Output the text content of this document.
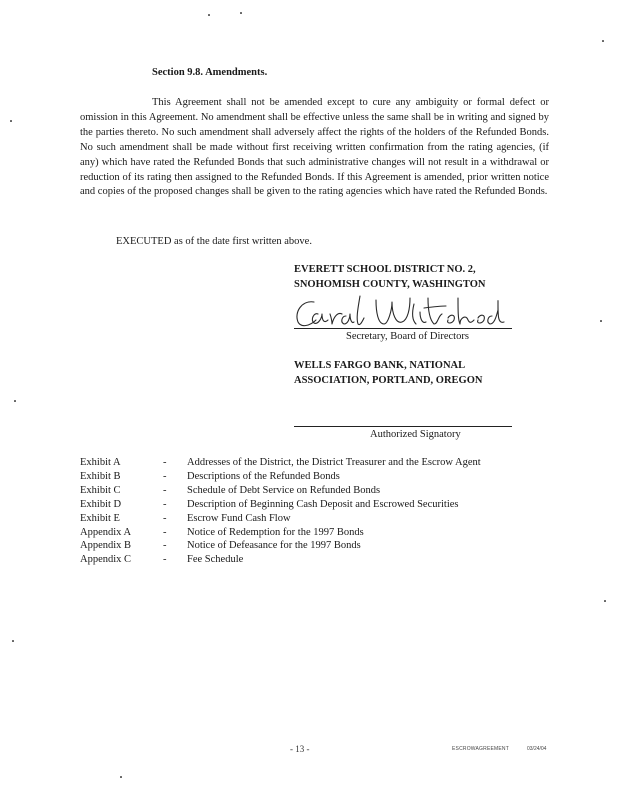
Section 9.8. Amendments.

This Agreement shall not be amended except to cure any ambiguity or formal defect or omission in this Agreement. No amendment shall be effective unless the same shall be in writing and signed by the parties thereto. No such amendment shall adversely affect the rights of the holders of the Refunded Bonds. No such amendment shall be made without first receiving written confirmation from the rating agencies, (if any) which have rated the Refunded Bonds that such administrative changes will not result in a withdrawal or reduction of its rating then assigned to the Refunded Bonds. If this Agreement is amended, prior written notice and copies of the proposed changes shall be given to the rating agencies which have rated the Refunded Bonds.

EXECUTED as of the date first written above.
EVERETT SCHOOL DISTRICT NO. 2,
SNOHOMISH COUNTY, WASHINGTON
Secretary, Board of Directors
WELLS FARGO BANK, NATIONAL
ASSOCIATION, PORTLAND, OREGON
Authorized Signatory
Exhibit A	-	Addresses of the District, the District Treasurer and the Escrow Agent
Exhibit B	-	Descriptions of the Refunded Bonds
Exhibit C	-	Schedule of Debt Service on Refunded Bonds
Exhibit D	-	Description of Beginning Cash Deposit and Escrowed Securities
Exhibit E	-	Escrow Fund Cash Flow
Appendix A	-	Notice of Redemption for the 1997 Bonds
Appendix B	-	Notice of Defeasance for the 1997 Bonds
Appendix C	-	Fee Schedule
- 13 -	ESCROWAGREEMENT	03/24/04
